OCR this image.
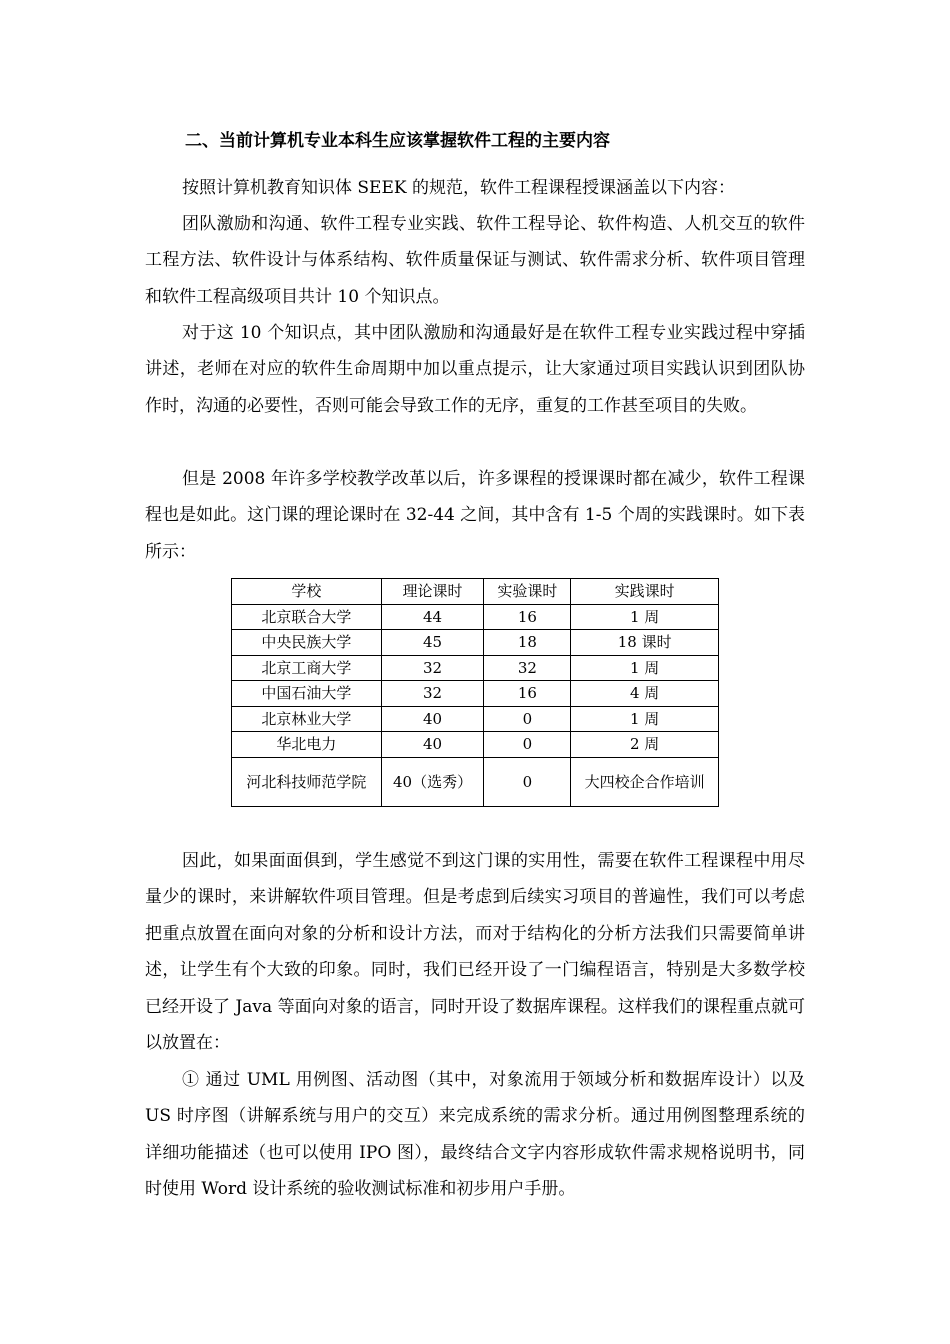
二、当前计算机专业本科生应该掌握软件工程的主要内容

按照计算机教育知识体 SEEK 的规范，软件工程课程授课涵盖以下内容：

团队激励和沟通、软件工程专业实践、软件工程导论、软件构造、人机交互的软件工程方法、软件设计与体系结构、软件质量保证与测试、软件需求分析、软件项目管理和软件工程高级项目共计 10 个知识点。

对于这 10 个知识点，其中团队激励和沟通最好是在软件工程专业实践过程中穿插讲述，老师在对应的软件生命周期中加以重点提示，让大家通过项目实践认识到团队协作时，沟通的必要性，否则可能会导致工作的无序，重复的工作甚至项目的失败。

但是 2008 年许多学校教学改革以后，许多课程的授课课时都在减少，软件工程课程也是如此。这门课的理论课时在 32-44 之间，其中含有 1-5 个周的实践课时。如下表所示：

学校	理论课时	实验课时	实践课时
北京联合大学	44	16	1 周
中央民族大学	45	18	18 课时
北京工商大学	32	32	1 周
中国石油大学	32	16	4 周
北京林业大学	40	0	1 周
华北电力	40	0	2 周
河北科技师范学院	40（选秀）	0	大四校企合作培训

因此，如果面面俱到，学生感觉不到这门课的实用性，需要在软件工程课程中用尽量少的课时，来讲解软件项目管理。但是考虑到后续实习项目的普遍性，我们可以考虑把重点放置在面向对象的分析和设计方法，而对于结构化的分析方法我们只需要简单讲述，让学生有个大致的印象。同时，我们已经开设了一门编程语言，特别是大多数学校已经开设了 Java 等面向对象的语言，同时开设了数据库课程。这样我们的课程重点就可以放置在：

① 通过 UML 用例图、活动图（其中，对象流用于领域分析和数据库设计）以及 US 时序图（讲解系统与用户的交互）来完成系统的需求分析。通过用例图整理系统的详细功能描述（也可以使用 IPO 图），最终结合文字内容形成软件需求规格说明书，同时使用 Word 设计系统的验收测试标准和初步用户手册。
